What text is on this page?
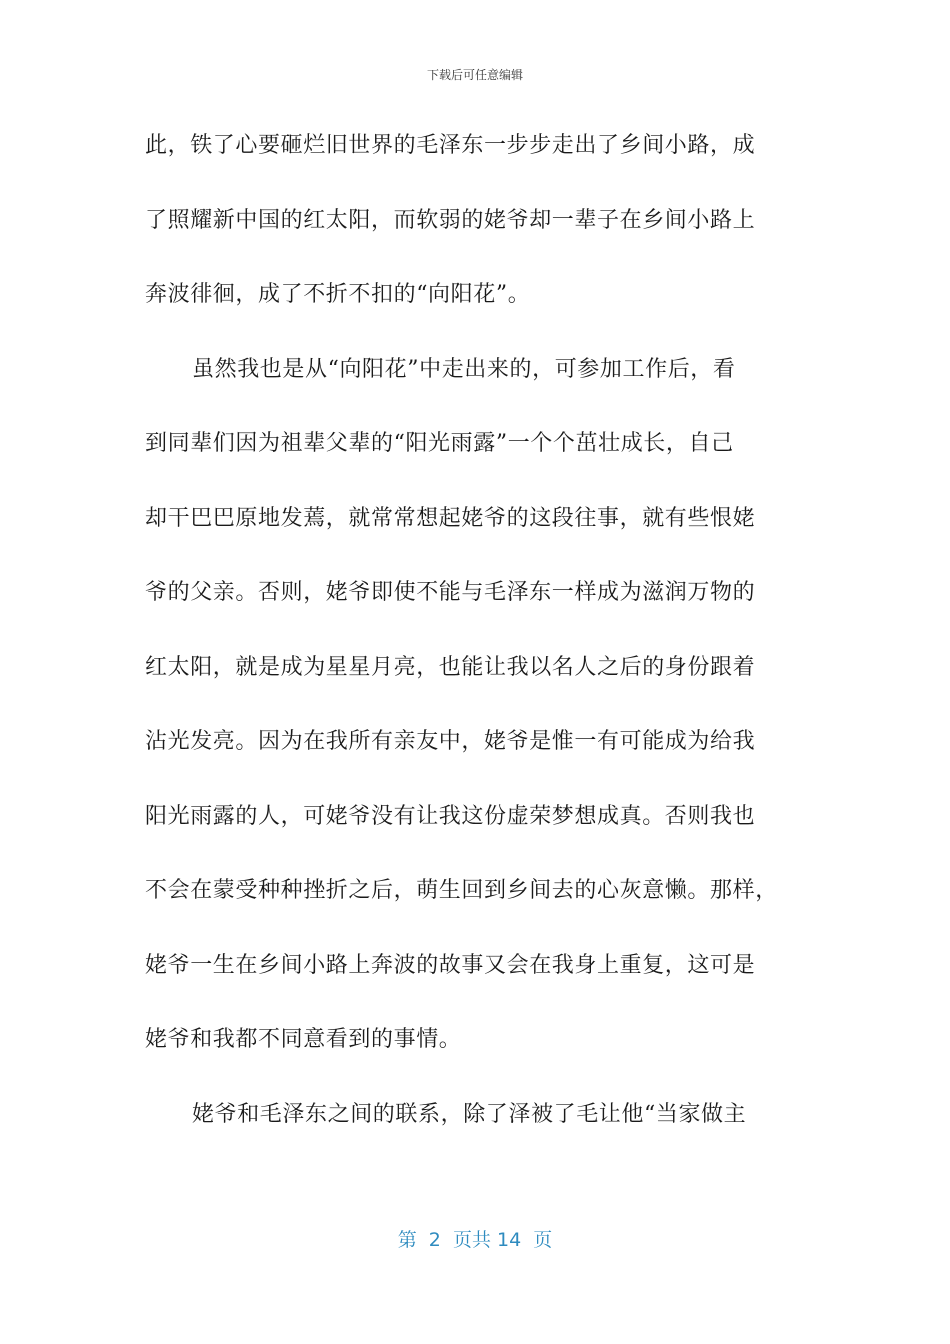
下载后可任意编辑
此，铁了心要砸烂旧世界的毛泽东一步步走出了乡间小路，成
了照耀新中国的红太阳，而软弱的姥爷却一辈子在乡间小路上
奔波徘徊，成了不折不扣的“向阳花”。
虽然我也是从“向阳花”中走出来的，可参加工作后，看
到同辈们因为祖辈父辈的“阳光雨露”一个个茁壮成长，自己
却干巴巴原地发蔫，就常常想起姥爷的这段往事，就有些恨姥
爷的父亲。否则，姥爷即使不能与毛泽东一样成为滋润万物的
红太阳，就是成为星星月亮，也能让我以名人之后的身份跟着
沾光发亮。因为在我所有亲友中，姥爷是惟一有可能成为给我
阳光雨露的人，可姥爷没有让我这份虚荣梦想成真。否则我也
不会在蒙受种种挫折之后，萌生回到乡间去的心灰意懒。那样，
姥爷一生在乡间小路上奔波的故事又会在我身上重复，这可是
姥爷和我都不同意看到的事情。
姥爷和毛泽东之间的联系，除了泽被了毛让他“当家做主
第  2  页共 14  页
